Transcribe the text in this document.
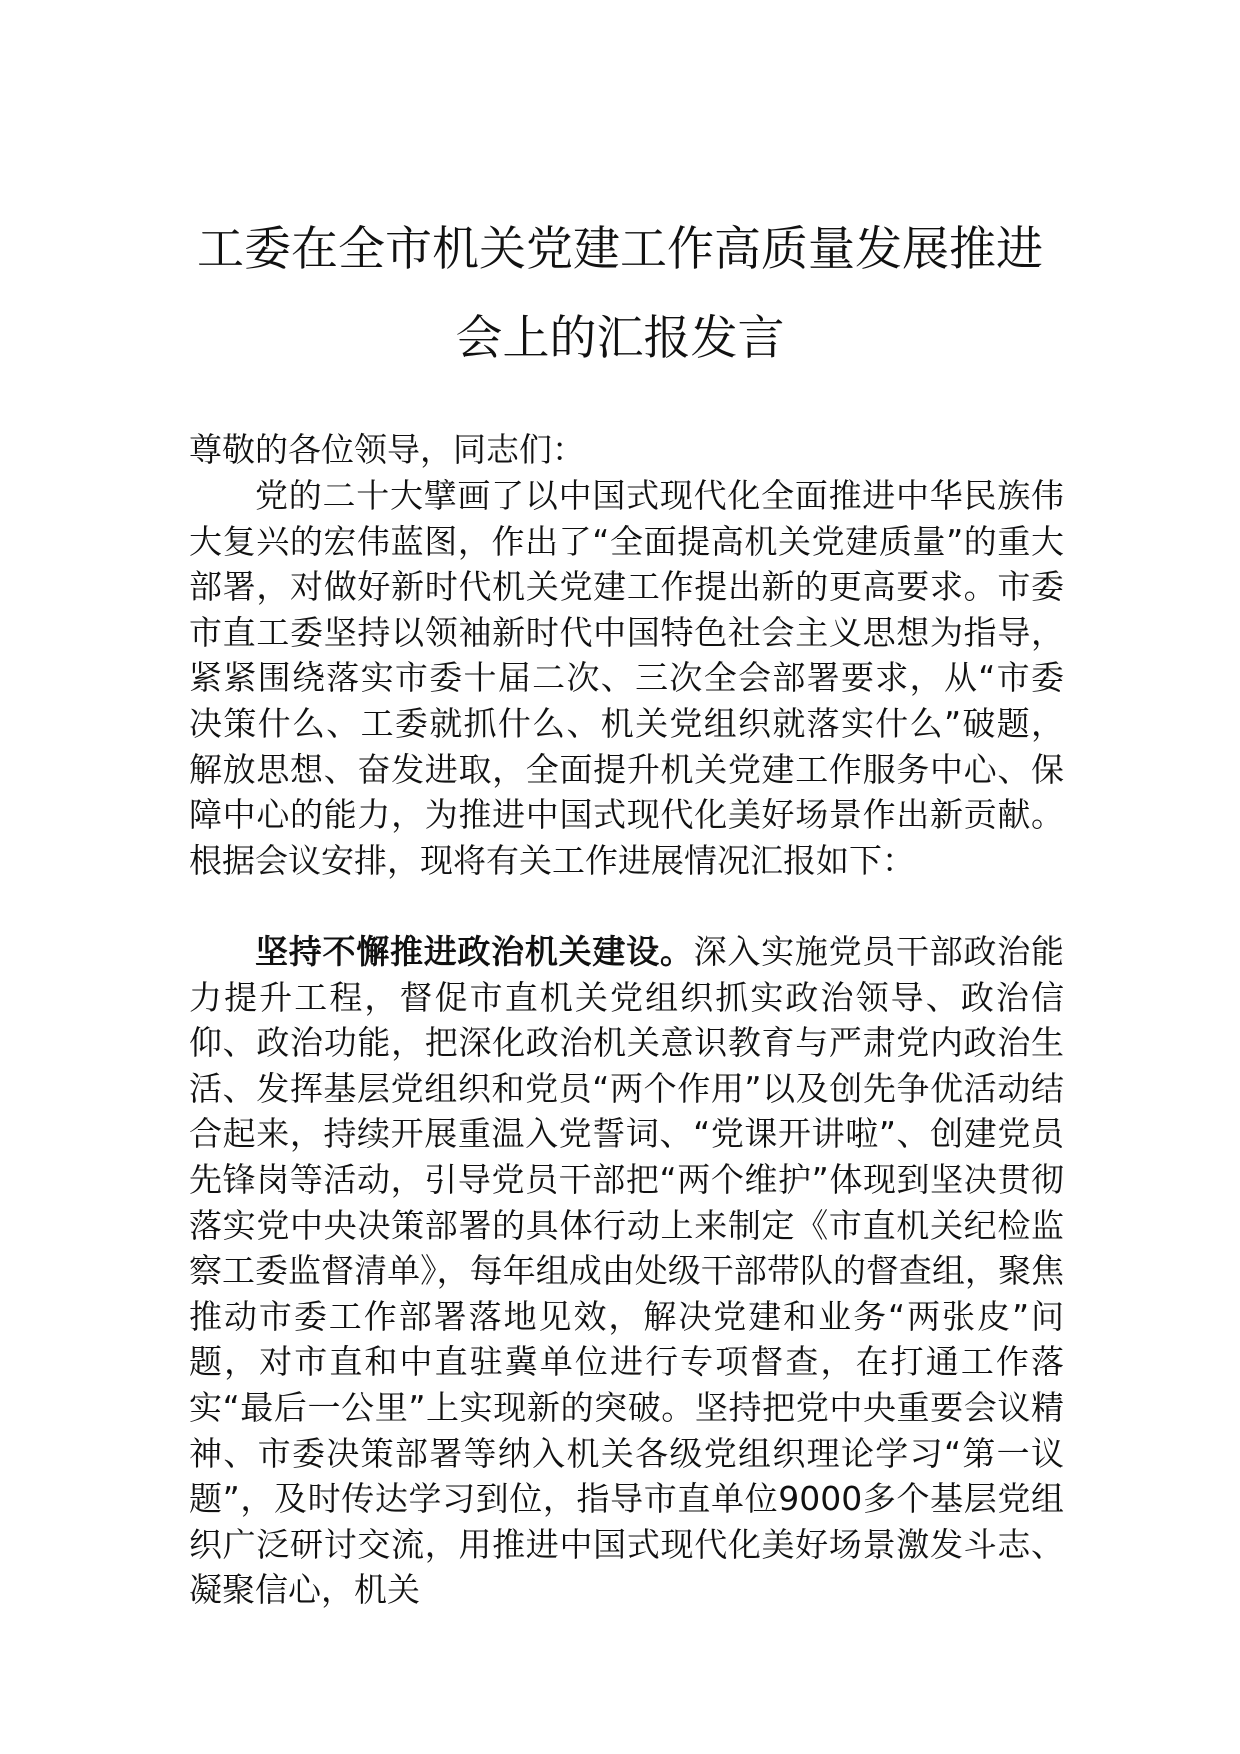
工委在全市机关党建工作高质量发展推进
会上的汇报发言
尊敬的各位领导，同志们：
党的二十大擘画了以中国式现代化全面推进中华民族伟大复兴的宏伟蓝图，作出了“全面提高机关党建质量”的重大部署，对做好新时代机关党建工作提出新的更高要求。市委市直工委坚持以领袖新时代中国特色社会主义思想为指导，紧紧围绕落实市委十届二次、三次全会部署要求，从“市委决策什么、工委就抓什么、机关党组织就落实什么”破题，解放思想、奋发进取，全面提升机关党建工作服务中心、保障中心的能力，为推进中国式现代化美好场景作出新贡献。根据会议安排，现将有关工作进展情况汇报如下：
坚持不懈推进政治机关建设。深入实施党员干部政治能力提升工程，督促市直机关党组织抓实政治领导、政治信仰、政治功能，把深化政治机关意识教育与严肃党内政治生活、发挥基层党组织和党员“两个作用”以及创先争优活动结合起来，持续开展重温入党誓词、“党课开讲啦”、创建党员先锋岗等活动，引导党员干部把“两个维护”体现到坚决贯彻落实党中央决策部署的具体行动上来制定《市直机关纪检监察工委监督清单》，每年组成由处级干部带队的督查组，聚焦推动市委工作部署落地见效，解决党建和业务“两张皮”问题，对市直和中直驻冀单位进行专项督查，在打通工作落实“最后一公里”上实现新的突破。坚持把党中央重要会议精神、市委决策部署等纳入机关各级党组织理论学习“第一议题”，及时传达学习到位，指导市直单位9000多个基层党组织广泛研讨交流，用推进中国式现代化美好场景激发斗志、凝聚信心，机关
